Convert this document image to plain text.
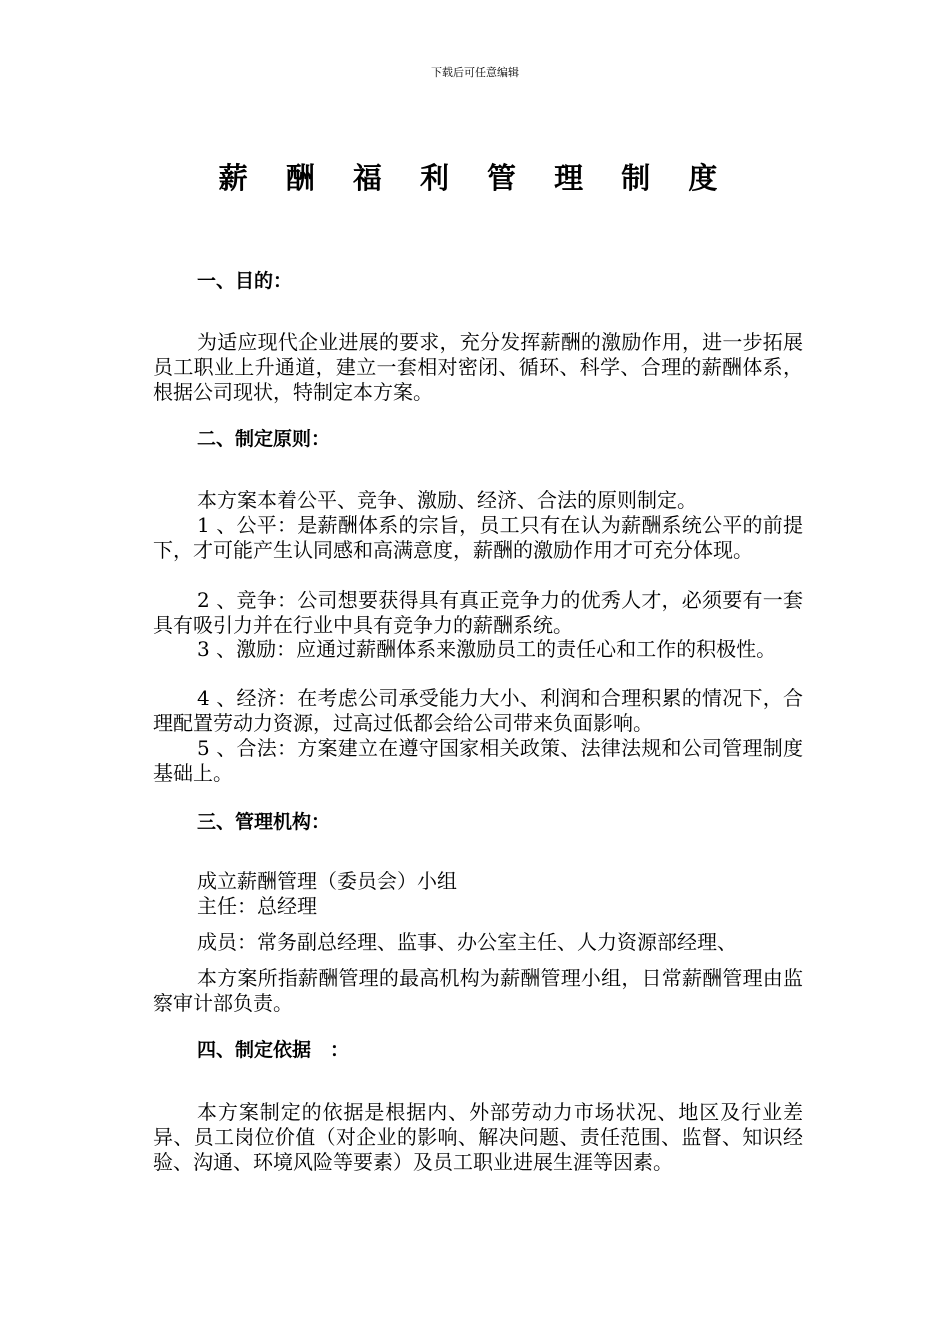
下载后可任意编辑
薪 酬 福 利 管 理 制 度
一、目的：
为适应现代企业进展的要求，充分发挥薪酬的激励作用，进一步拓展员工职业上升通道，建立一套相对密闭、循环、科学、合理的薪酬体系，根据公司现状，特制定本方案。
二、制定原则：
本方案本着公平、竞争、激励、经济、合法的原则制定。
1 、公平：是薪酬体系的宗旨，员工只有在认为薪酬系统公平的前提下，才可能产生认同感和高满意度，薪酬的激励作用才可充分体现。
2 、竞争：公司想要获得具有真正竞争力的优秀人才，必须要有一套具有吸引力并在行业中具有竞争力的薪酬系统。
3 、激励：应通过薪酬体系来激励员工的责任心和工作的积极性。
4 、经济：在考虑公司承受能力大小、利润和合理积累的情况下，合理配置劳动力资源，过高过低都会给公司带来负面影响。
5 、合法：方案建立在遵守国家相关政策、法律法规和公司管理制度基础上。
三、管理机构：
成立薪酬管理（委员会）小组
主任：总经理
成员：常务副总经理、监事、办公室主任、人力资源部经理、
本方案所指薪酬管理的最高机构为薪酬管理小组，日常薪酬管理由监察审计部负责。
四、制定依据　：
本方案制定的依据是根据内、外部劳动力市场状况、地区及行业差异、员工岗位价值（对企业的影响、解决问题、责任范围、监督、知识经验、沟通、环境风险等要素）及员工职业进展生涯等因素。
